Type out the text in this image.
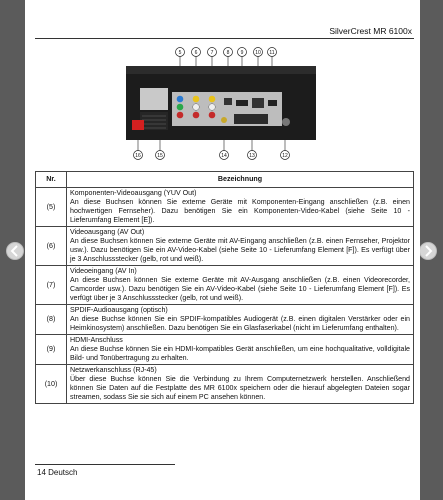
SilverCrest MR 6100x
5	6	7	8 9 10 11
16	15	14	13	12
Nr.	Bezeichnung
(5)	Komponenten-Videoausgang (YUV Out)
An diese Buchsen können Sie externe Geräte mit Komponenten-Eingang anschließen (z.B. einen hochwertigen Fernseher). Dazu benötigen Sie ein Komponenten-Video-Kabel (siehe Seite 10 - Lieferumfang Element [E]).

(6)	Videoausgang (AV Out)
An diese Buchsen können Sie externe Geräte mit AV-Eingang anschließen (z.B. einen Fernseher, Projektor usw.). Dazu benötigen Sie ein AV-Video-Kabel (siehe Seite 10 - Lieferumfang Element [F]). Es verfügt über je 3 Anschlussstecker (gelb, rot und weiß).

(7)	Videoeingang (AV In)
An diese Buchsen können Sie externe Geräte mit AV-Ausgang anschließen (z.B. einen Videorecorder, Camcorder usw.). Dazu benötigen Sie ein AV-Video-Kabel (siehe Seite 10 - Lieferumfang Element [F]). Es verfügt über je 3 Anschlussstecker (gelb, rot und weiß).

(8)	SPDIF-Audioausgang (optisch)
An diese Buchse können Sie ein SPDIF-kompatibles Audiogerät (z.B. einen digitalen Verstärker oder ein Heimkinosystem) anschließen. Dazu benötigen Sie ein Glasfaserkabel (nicht im Lieferumfang enthalten).

(9)	HDMI-Anschluss
An diese Buchse können Sie ein HDMI-kompatibles Gerät anschließen, um eine hochqualitative, volldigitale Bild- und Tonübertragung zu erhalten.

(10)	Netzwerkanschluss (RJ-45)
Über diese Buchse können Sie die Verbindung zu Ihrem Computernetzwerk herstellen. Anschließend können Sie Daten auf die Festplatte des MR 6100x speichern oder die hierauf abgelegten Dateien sogar streamen, sodass Sie sie sich auf einem PC ansehen können.
14 Deutsch
